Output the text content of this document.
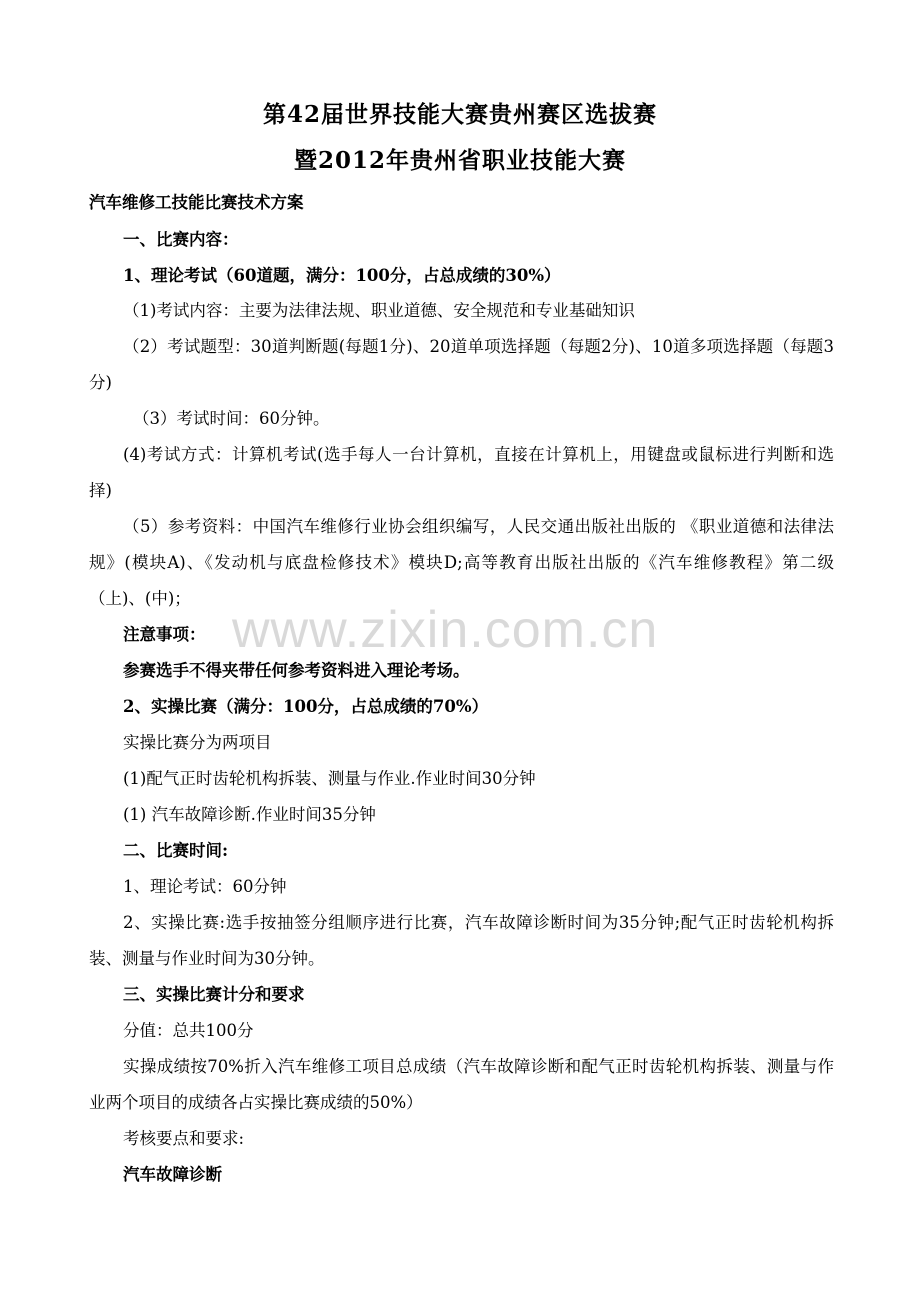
第42届世界技能大赛贵州赛区选拔赛
暨2012年贵州省职业技能大赛
汽车维修工技能比赛技术方案
一、比赛内容：
1、理论考试（60道题，满分：100分，占总成绩的30%）
（1)考试内容：主要为法律法规、职业道德、安全规范和专业基础知识
（2）考试题型：30道判断题(每题1分)、20道单项选择题（每题2分)、10道多项选择题（每题3分)
（3）考试时间：60分钟。
(4)考试方式：计算机考试(选手每人一台计算机，直接在计算机上，用键盘或鼠标进行判断和选择)
（5）参考资料：中国汽车维修行业协会组织编写，人民交通出版社出版的 《职业道德和法律法规》(模块A)、《发动机与底盘检修技术》模块D;高等教育出版社出版的《汽车维修教程》第二级（上)、(中)；
注意事项：
参赛选手不得夹带任何参考资料进入理论考场。
2、实操比赛（满分：100分，占总成绩的70%）
实操比赛分为两项目
(1)配气正时齿轮机构拆装、测量与作业.作业时间30分钟
(1) 汽车故障诊断.作业时间35分钟
二、比赛时间:
1、理论考试：60分钟
2、实操比赛:选手按抽签分组顺序进行比赛，汽车故障诊断时间为35分钟;配气正时齿轮机构拆装、测量与作业时间为30分钟。
三、实操比赛计分和要求
分值：总共100分
实操成绩按70%折入汽车维修工项目总成绩（汽车故障诊断和配气正时齿轮机构拆装、测量与作业两个项目的成绩各占实操比赛成绩的50%）
考核要点和要求:
汽车故障诊断
www.zixin.com.cn
